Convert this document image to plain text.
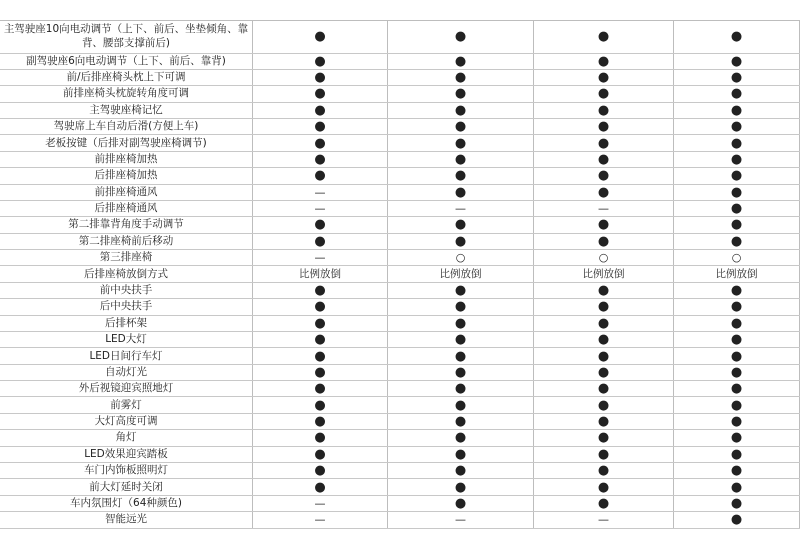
主驾驶座10向电动调节（上下、前后、坐垫倾角、靠背、腰部支撑前后)	●	●	●	●
副驾驶座6向电动调节（上下、前后、靠背)	●	●	●	●
前/后排座椅头枕上下可调	●	●	●	●
前排座椅头枕旋转角度可调	●	●	●	●
主驾驶座椅记忆	●	●	●	●
驾驶席上车自动后滑(方便上车)	●	●	●	●
老板按键（后排对副驾驶座椅调节)	●	●	●	●
前排座椅加热	●	●	●	●
后排座椅加热	●	●	●	●
前排座椅通风	—	●	●	●
后排座椅通风	—	—	—	●
第二排靠背角度手动调节	●	●	●	●
第二排座椅前后移动	●	●	●	●
第三排座椅	—	○	○	○
后排座椅放倒方式	比例放倒	比例放倒	比例放倒	比例放倒
前中央扶手	●	●	●	●
后中央扶手	●	●	●	●
后排杯架	●	●	●	●
LED大灯	●	●	●	●
LED日间行车灯	●	●	●	●
自动灯光	●	●	●	●
外后视镜迎宾照地灯	●	●	●	●
前雾灯	●	●	●	●
大灯高度可调	●	●	●	●
角灯	●	●	●	●
LED效果迎宾踏板	●	●	●	●
车门内饰板照明灯	●	●	●	●
前大灯延时关闭	●	●	●	●
车内氛围灯（64种颜色)	—	●	●	●
智能远光	—	—	—	●
